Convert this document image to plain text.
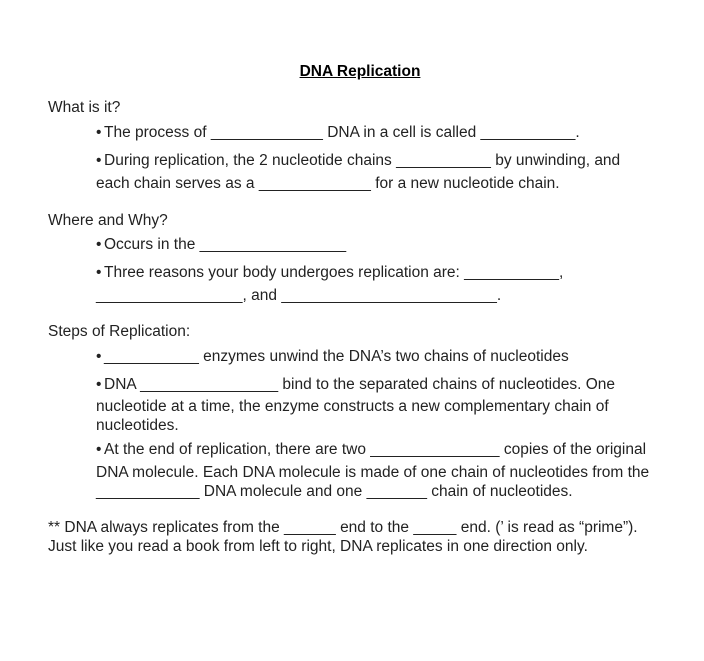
DNA Replication
What is it?
• The process of _____________ DNA in a cell is called ___________.
• During replication, the 2 nucleotide chains ___________ by unwinding, and
each chain serves as a _____________ for a new nucleotide chain.
Where and Why?
• Occurs in the _________________
• Three reasons your body undergoes replication are: ___________,
_________________, and _________________________.
Steps of Replication:
• ___________ enzymes unwind the DNA’s two chains of nucleotides
• DNA ________________ bind to the separated chains of nucleotides. One
nucleotide at a time, the enzyme constructs a new complementary chain of
nucleotides.
• At the end of replication, there are two _______________ copies of the original
DNA molecule. Each DNA molecule is made of one chain of nucleotides from the
____________ DNA molecule and one _______ chain of nucleotides.
** DNA always replicates from the ______ end to the _____ end. (’ is read as “prime”).
Just like you read a book from left to right, DNA replicates in one direction only.
